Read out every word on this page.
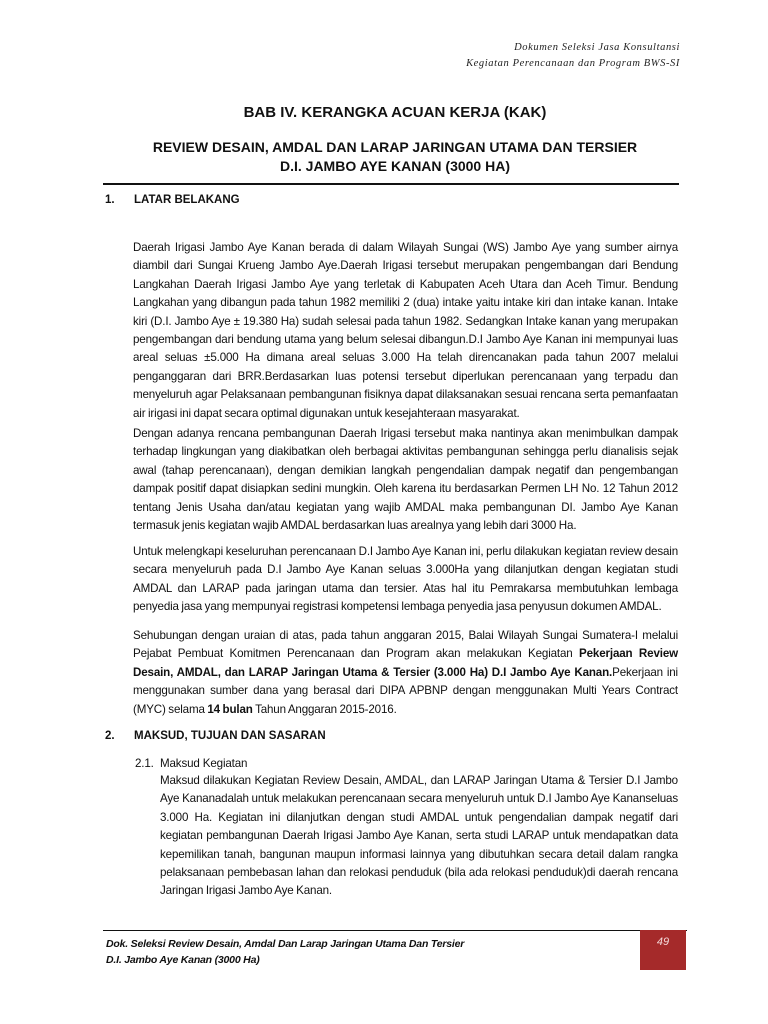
Dokumen Seleksi Jasa Konsultansi
Kegiatan Perencanaan dan Program BWS-SI
BAB IV. KERANGKA ACUAN KERJA (KAK)
REVIEW DESAIN, AMDAL DAN LARAP JARINGAN UTAMA DAN TERSIER
D.I. JAMBO AYE KANAN (3000 HA)
1. LATAR BELAKANG
Daerah Irigasi Jambo Aye Kanan berada di dalam Wilayah Sungai (WS) Jambo Aye yang sumber airnya diambil dari Sungai Krueng Jambo Aye.Daerah Irigasi tersebut merupakan pengembangan dari Bendung Langkahan Daerah Irigasi Jambo Aye yang terletak di Kabupaten Aceh Utara dan Aceh Timur. Bendung Langkahan yang dibangun pada tahun 1982 memiliki 2 (dua) intake yaitu intake kiri dan intake kanan. Intake kiri (D.I. Jambo Aye ± 19.380 Ha) sudah selesai pada tahun 1982. Sedangkan Intake kanan yang merupakan pengembangan dari bendung utama yang belum selesai dibangun.D.I Jambo Aye Kanan ini mempunyai luas areal seluas ±5.000 Ha dimana areal seluas 3.000 Ha telah direncanakan pada tahun 2007 melalui penganggaran dari BRR.Berdasarkan luas potensi tersebut diperlukan perencanaan yang terpadu dan menyeluruh agar Pelaksanaan pembangunan fisiknya dapat dilaksanakan sesuai rencana serta pemanfaatan air irigasi ini dapat secara optimal digunakan untuk kesejahteraan masyarakat.
Dengan adanya rencana pembangunan Daerah Irigasi tersebut maka nantinya akan menimbulkan dampak terhadap lingkungan yang diakibatkan oleh berbagai aktivitas pembangunan sehingga perlu dianalisis sejak awal (tahap perencanaan), dengan demikian langkah pengendalian dampak negatif dan pengembangan dampak positif dapat disiapkan sedini mungkin. Oleh karena itu berdasarkan Permen LH No. 12 Tahun 2012 tentang Jenis Usaha dan/atau kegiatan yang wajib AMDAL maka pembangunan DI. Jambo Aye Kanan termasuk jenis kegiatan wajib AMDAL berdasarkan luas arealnya yang lebih dari 3000 Ha.
Untuk melengkapi keseluruhan perencanaan D.I Jambo Aye Kanan ini, perlu dilakukan kegiatan review desain secara menyeluruh pada D.I Jambo Aye Kanan seluas 3.000Ha yang dilanjutkan dengan kegiatan studi AMDAL dan LARAP pada jaringan utama dan tersier. Atas hal itu Pemrakarsa membutuhkan lembaga penyedia jasa yang mempunyai registrasi kompetensi lembaga penyedia jasa penyusun dokumen AMDAL.
Sehubungan dengan uraian di atas, pada tahun anggaran 2015, Balai Wilayah Sungai Sumatera-I melalui Pejabat Pembuat Komitmen Perencanaan dan Program akan melakukan Kegiatan Pekerjaan Review Desain, AMDAL, dan LARAP Jaringan Utama & Tersier (3.000 Ha) D.I Jambo Aye Kanan.Pekerjaan ini menggunakan sumber dana yang berasal dari DIPA APBNP dengan menggunakan Multi Years Contract (MYC) selama 14 bulan Tahun Anggaran 2015-2016.
2. MAKSUD, TUJUAN DAN SASARAN
2.1. Maksud Kegiatan
Maksud dilakukan Kegiatan Review Desain, AMDAL, dan LARAP Jaringan Utama & Tersier D.I Jambo Aye Kananadalah untuk melakukan perencanaan secara menyeluruh untuk D.I Jambo Aye Kananseluas 3.000 Ha. Kegiatan ini dilanjutkan dengan studi AMDAL untuk pengendalian dampak negatif dari kegiatan pembangunan Daerah Irigasi Jambo Aye Kanan, serta studi LARAP untuk mendapatkan data kepemilikan tanah, bangunan maupun informasi lainnya yang dibutuhkan secara detail dalam rangka pelaksanaan pembebasan lahan dan relokasi penduduk (bila ada relokasi penduduk)di daerah rencana Jaringan Irigasi Jambo Aye Kanan.
Dok. Seleksi Review Desain, Amdal Dan Larap Jaringan Utama Dan Tersier
D.I. Jambo Aye Kanan (3000 Ha)
49
